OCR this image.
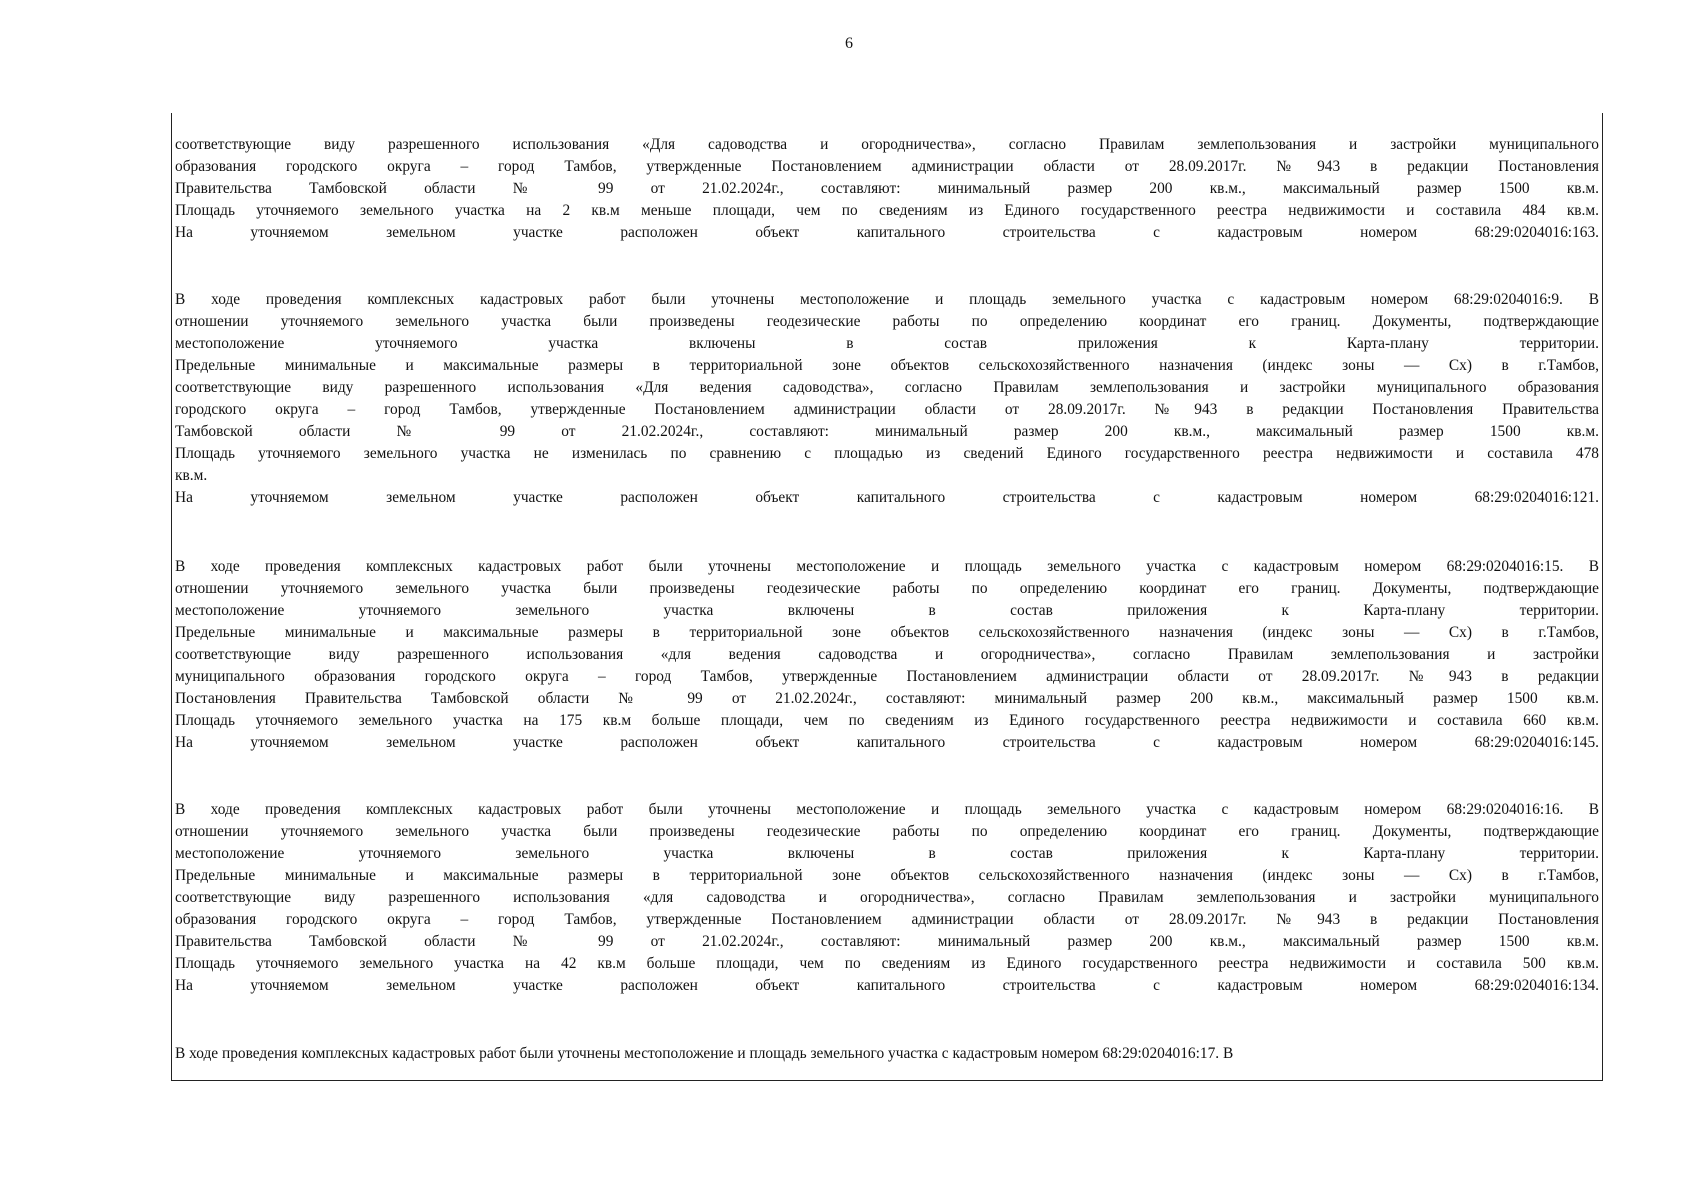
6
соответствующие виду разрешенного использования «Для садоводства и огородничества», согласно Правилам землепользования и застройки муниципального
образования городского округа – город Тамбов, утвержденные Постановлением администрации области от 28.09.2017г. №943 в редакции Постановления
Правительства Тамбовской области № 99 от 21.02.2024г., составляют: минимальный размер 200 кв.м., максимальный размер 1500 кв.м.
Площадь уточняемого земельного участка на 2 кв.м меньше площади, чем по сведениям из Единого государственного реестра недвижимости и составила 484 кв.м.
На уточняемом земельном участке расположен объект капитального строительства с кадастровым номером 68:29:0204016:163.
В ходе проведения комплексных кадастровых работ были уточнены местоположение и площадь земельного участка с кадастровым номером 68:29:0204016:9. В
отношении уточняемого земельного участка были произведены геодезические работы по определению координат его границ. Документы, подтверждающие
местоположение уточняемого участка включены в состав приложения к Карта-плану территории.
Предельные минимальные и максимальные размеры в территориальной зоне объектов сельскохозяйственного назначения (индекс зоны — Сх) в г.Тамбов,
соответствующие виду разрешенного использования «Для ведения садоводства», согласно Правилам землепользования и застройки муниципального образования
городского округа – город Тамбов, утвержденные Постановлением администрации области от 28.09.2017г. №943 в редакции Постановления Правительства
Тамбовской области № 99 от 21.02.2024г., составляют: минимальный размер 200 кв.м., максимальный размер 1500 кв.м.
Площадь уточняемого земельного участка не изменилась по сравнению с площадью из сведений Единого государственного реестра недвижимости и составила 478
кв.м.
На уточняемом земельном участке расположен объект капитального строительства с кадастровым номером 68:29:0204016:121.
В ходе проведения комплексных кадастровых работ были уточнены местоположение и площадь земельного участка с кадастровым номером 68:29:0204016:15. В
отношении уточняемого земельного участка были произведены геодезические работы по определению координат его границ. Документы, подтверждающие
местоположение уточняемого земельного участка включены в состав приложения к Карта-плану территории.
Предельные минимальные и максимальные размеры в территориальной зоне объектов сельскохозяйственного назначения (индекс зоны — Сх) в г.Тамбов,
соответствующие виду разрешенного использования «для ведения садоводства и огородничества», согласно Правилам землепользования и застройки
муниципального образования городского округа – город Тамбов, утвержденные Постановлением администрации области от 28.09.2017г. №943 в редакции
Постановления Правительства Тамбовской области № 99 от 21.02.2024г., составляют: минимальный размер 200 кв.м., максимальный размер 1500 кв.м.
Площадь уточняемого земельного участка на 175 кв.м больше площади, чем по сведениям из Единого государственного реестра недвижимости и составила 660 кв.м.
На уточняемом земельном участке расположен объект капитального строительства с кадастровым номером 68:29:0204016:145.
В ходе проведения комплексных кадастровых работ были уточнены местоположение и площадь земельного участка с кадастровым номером 68:29:0204016:16. В
отношении уточняемого земельного участка были произведены геодезические работы по определению координат его границ. Документы, подтверждающие
местоположение уточняемого земельного участка включены в состав приложения к Карта-плану территории.
Предельные минимальные и максимальные размеры в территориальной зоне объектов сельскохозяйственного назначения (индекс зоны — Сх) в г.Тамбов,
соответствующие виду разрешенного использования «для садоводства и огородничества», согласно Правилам землепользования и застройки муниципального
образования городского округа – город Тамбов, утвержденные Постановлением администрации области от 28.09.2017г. №943 в редакции Постановления
Правительства Тамбовской области № 99 от 21.02.2024г., составляют: минимальный размер 200 кв.м., максимальный размер 1500 кв.м.
Площадь уточняемого земельного участка на 42 кв.м больше площади, чем по сведениям из Единого государственного реестра недвижимости и составила 500 кв.м.
На уточняемом земельном участке расположен объект капитального строительства с кадастровым номером 68:29:0204016:134.
В ходе проведения комплексных кадастровых работ были уточнены местоположение и площадь земельного участка с кадастровым номером 68:29:0204016:17. В
